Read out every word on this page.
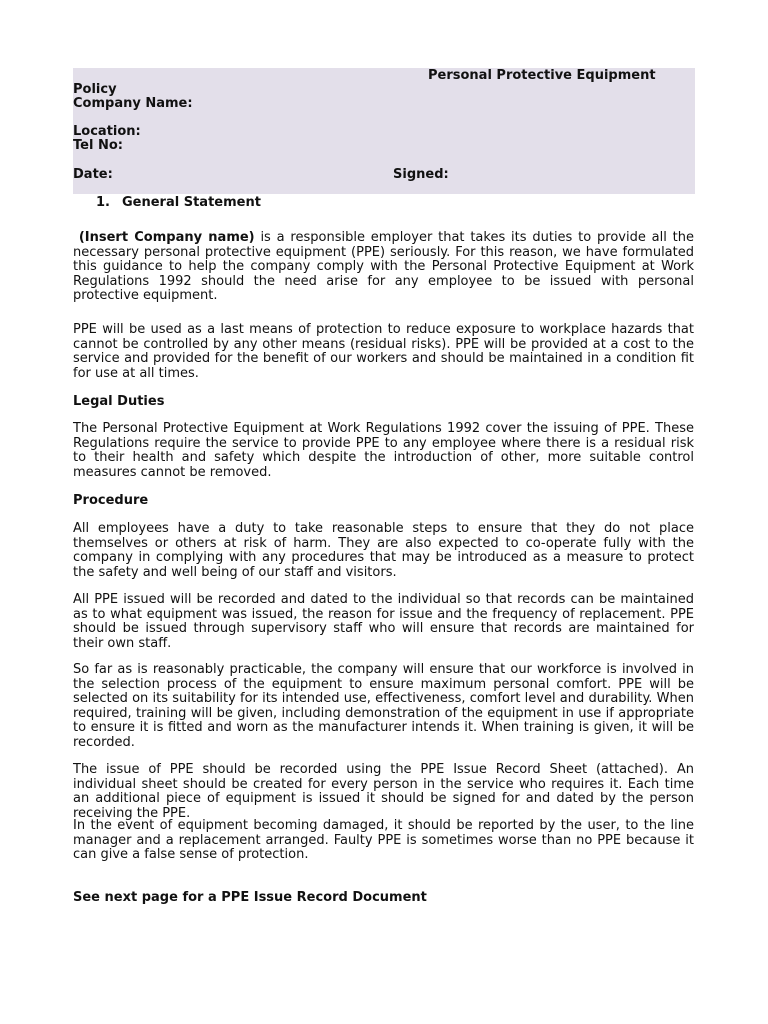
Personal Protective Equipment
Policy
Company Name:
Location:
Tel No:
Date:	Signed:
1. General Statement

(Insert Company name) is a responsible employer that takes its duties to provide all the necessary personal protective equipment (PPE) seriously. For this reason, we have formulated this guidance to help the company comply with the Personal Protective Equipment at Work Regulations 1992 should the need arise for any employee to be issued with personal protective equipment.

PPE will be used as a last means of protection to reduce exposure to workplace hazards that cannot be controlled by any other means (residual risks). PPE will be provided at a cost to the service and provided for the benefit of our workers and should be maintained in a condition fit for use at all times.

Legal Duties

The Personal Protective Equipment at Work Regulations 1992 cover the issuing of PPE. These Regulations require the service to provide PPE to any employee where there is a residual risk to their health and safety which despite the introduction of other, more suitable control measures cannot be removed.

Procedure

All employees have a duty to take reasonable steps to ensure that they do not place themselves or others at risk of harm. They are also expected to co-operate fully with the company in complying with any procedures that may be introduced as a measure to protect the safety and well being of our staff and visitors.

All PPE issued will be recorded and dated to the individual so that records can be maintained as to what equipment was issued, the reason for issue and the frequency of replacement. PPE should be issued through supervisory staff who will ensure that records are maintained for their own staff.

So far as is reasonably practicable, the company will ensure that our workforce is involved in the selection process of the equipment to ensure maximum personal comfort. PPE will be selected on its suitability for its intended use, effectiveness, comfort level and durability. When required, training will be given, including demonstration of the equipment in use if appropriate to ensure it is fitted and worn as the manufacturer intends it. When training is given, it will be recorded.

The issue of PPE should be recorded using the PPE Issue Record Sheet (attached). An individual sheet should be created for every person in the service who requires it. Each time an additional piece of equipment is issued it should be signed for and dated by the person receiving the PPE.

In the event of equipment becoming damaged, it should be reported by the user, to the line manager and a replacement arranged. Faulty PPE is sometimes worse than no PPE because it can give a false sense of protection.

See next page for a PPE Issue Record Document
